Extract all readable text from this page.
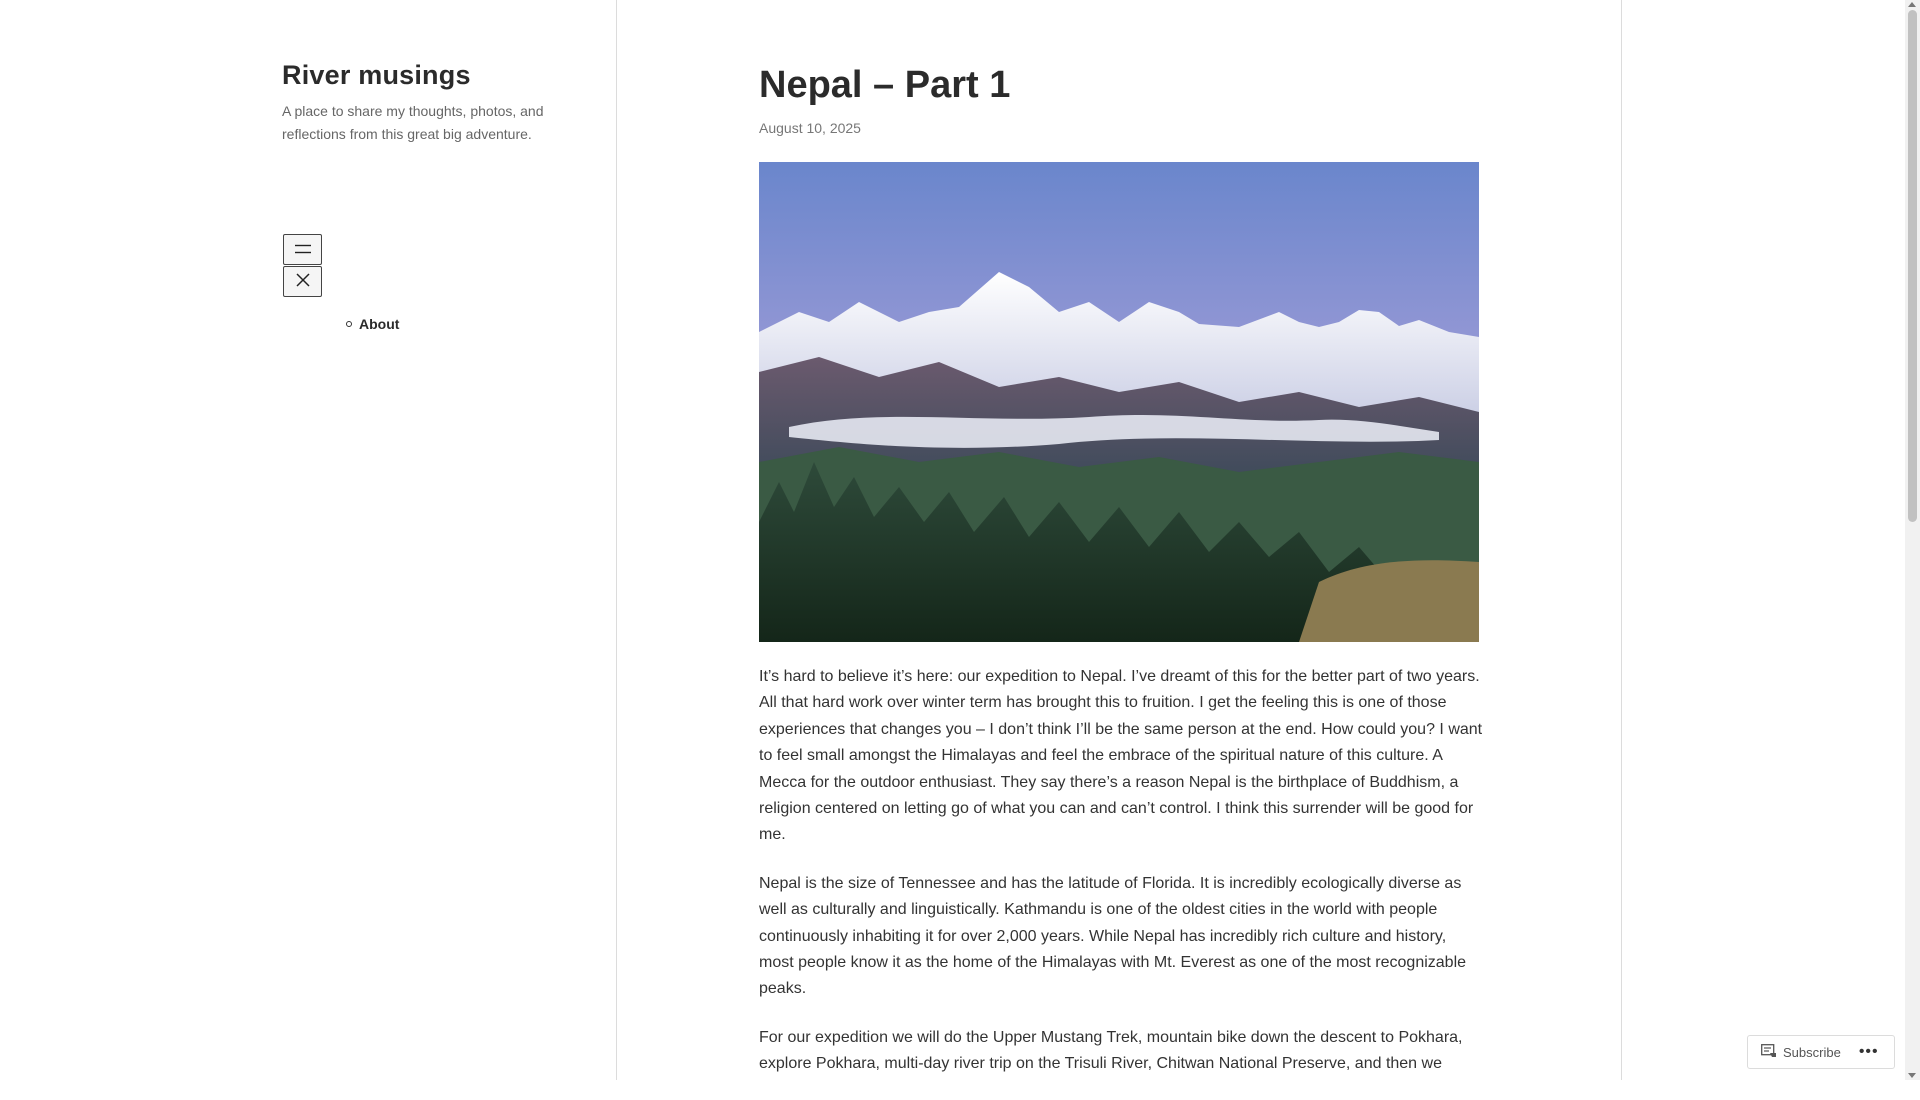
River musings

A place to share my thoughts, photos, and reflections from this great big adventure.

About
Nepal – Part 1
August 10, 2025

It’s hard to believe it’s here: our expedition to Nepal. I’ve dreamt of this for the better part of two years. All that hard work over winter term has brought this to fruition. I get the feeling this is one of those experiences that changes you – I don’t think I’ll be the same person at the end. How could you? I want to feel small amongst the Himalayas and feel the embrace of the spiritual nature of this culture. A Mecca for the outdoor enthusiast. They say there’s a reason Nepal is the birthplace of Buddhism, a religion centered on letting go of what you can and can’t control. I think this surrender will be good for me.

Nepal is the size of Tennessee and has the latitude of Florida. It is incredibly ecologically diverse as well as culturally and linguistically. Kathmandu is one of the oldest cities in the world with people continuously inhabiting it for over 2,000 years. While Nepal has incredibly rich culture and history, most people know it as the home of the Himalayas with Mt. Everest as one of the most recognizable peaks.

For our expedition we will do the Upper Mustang Trek, mountain bike down the descent to Pokhara, explore Pokhara, multi-day river trip on the Trisuli River, Chitwan National Preserve, and then we

Subscribe •••
